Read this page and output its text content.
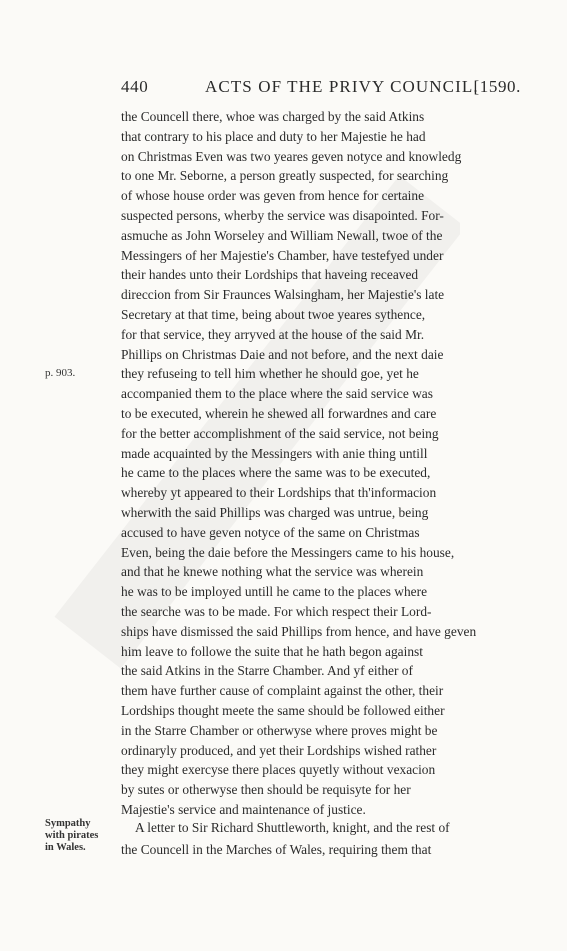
440	ACTS OF THE PRIVY COUNCIL.
[1590.
the Councell there, whoe was charged by the said Atkins
that contrary to his place and duty to her Majestie he had
on Christmas Even was two yeares geven notyce and knowledg
to one Mr. Seborne, a person greatly suspected, for searching
of whose house order was geven from hence for certaine
suspected persons, wherby the service was disapointed. For-
asmuche as John Worseley and William Newall, twoe of the
Messingers of her Majestie's Chamber, have testefyed under
their handes unto their Lordships that haveing receaved
direccion from Sir Fraunces Walsingham, her Majestie's late
Secretary at that time, being about twoe yeares sythence,
for that service, they arryved at the house of the said Mr.
Phillips on Christmas Daie and not before, and the next daie
they refuseing to tell him whether he should goe, yet he
accompanied them to the place where the said service was
to be executed, wherein he shewed all forwardnes and care
for the better accomplishment of the said service, not being
made acquainted by the Messingers with anie thing untill
he came to the places where the same was to be executed,
whereby yt appeared to their Lordships that th'informacion
wherwith the said Phillips was charged was untrue, being
accused to have geven notyce of the same on Christmas
Even, being the daie before the Messingers came to his house,
and that he knewe nothing what the service was wherein
he was to be imployed untill he came to the places where
the searche was to be made. For which respect their Lord-
ships have dismissed the said Phillips from hence, and have geven
him leave to followe the suite that he hath begon against
the said Atkins in the Starre Chamber. And yf either of
them have further cause of complaint against the other, their
Lordships thought meete the same should be followed either
in the Starre Chamber or otherwyse where proves might be
ordinaryly produced, and yet their Lordships wished rather
they might exercyse there places quyetly without vexacion
by sutes or otherwyse then should be requisyte for her
Majestie's service and maintenance of justice.
p. 903.
Sympathy
with pirates
in Wales.
A letter to Sir Richard Shuttleworth, knight, and the rest of
the Councell in the Marches of Wales, requiring them that
